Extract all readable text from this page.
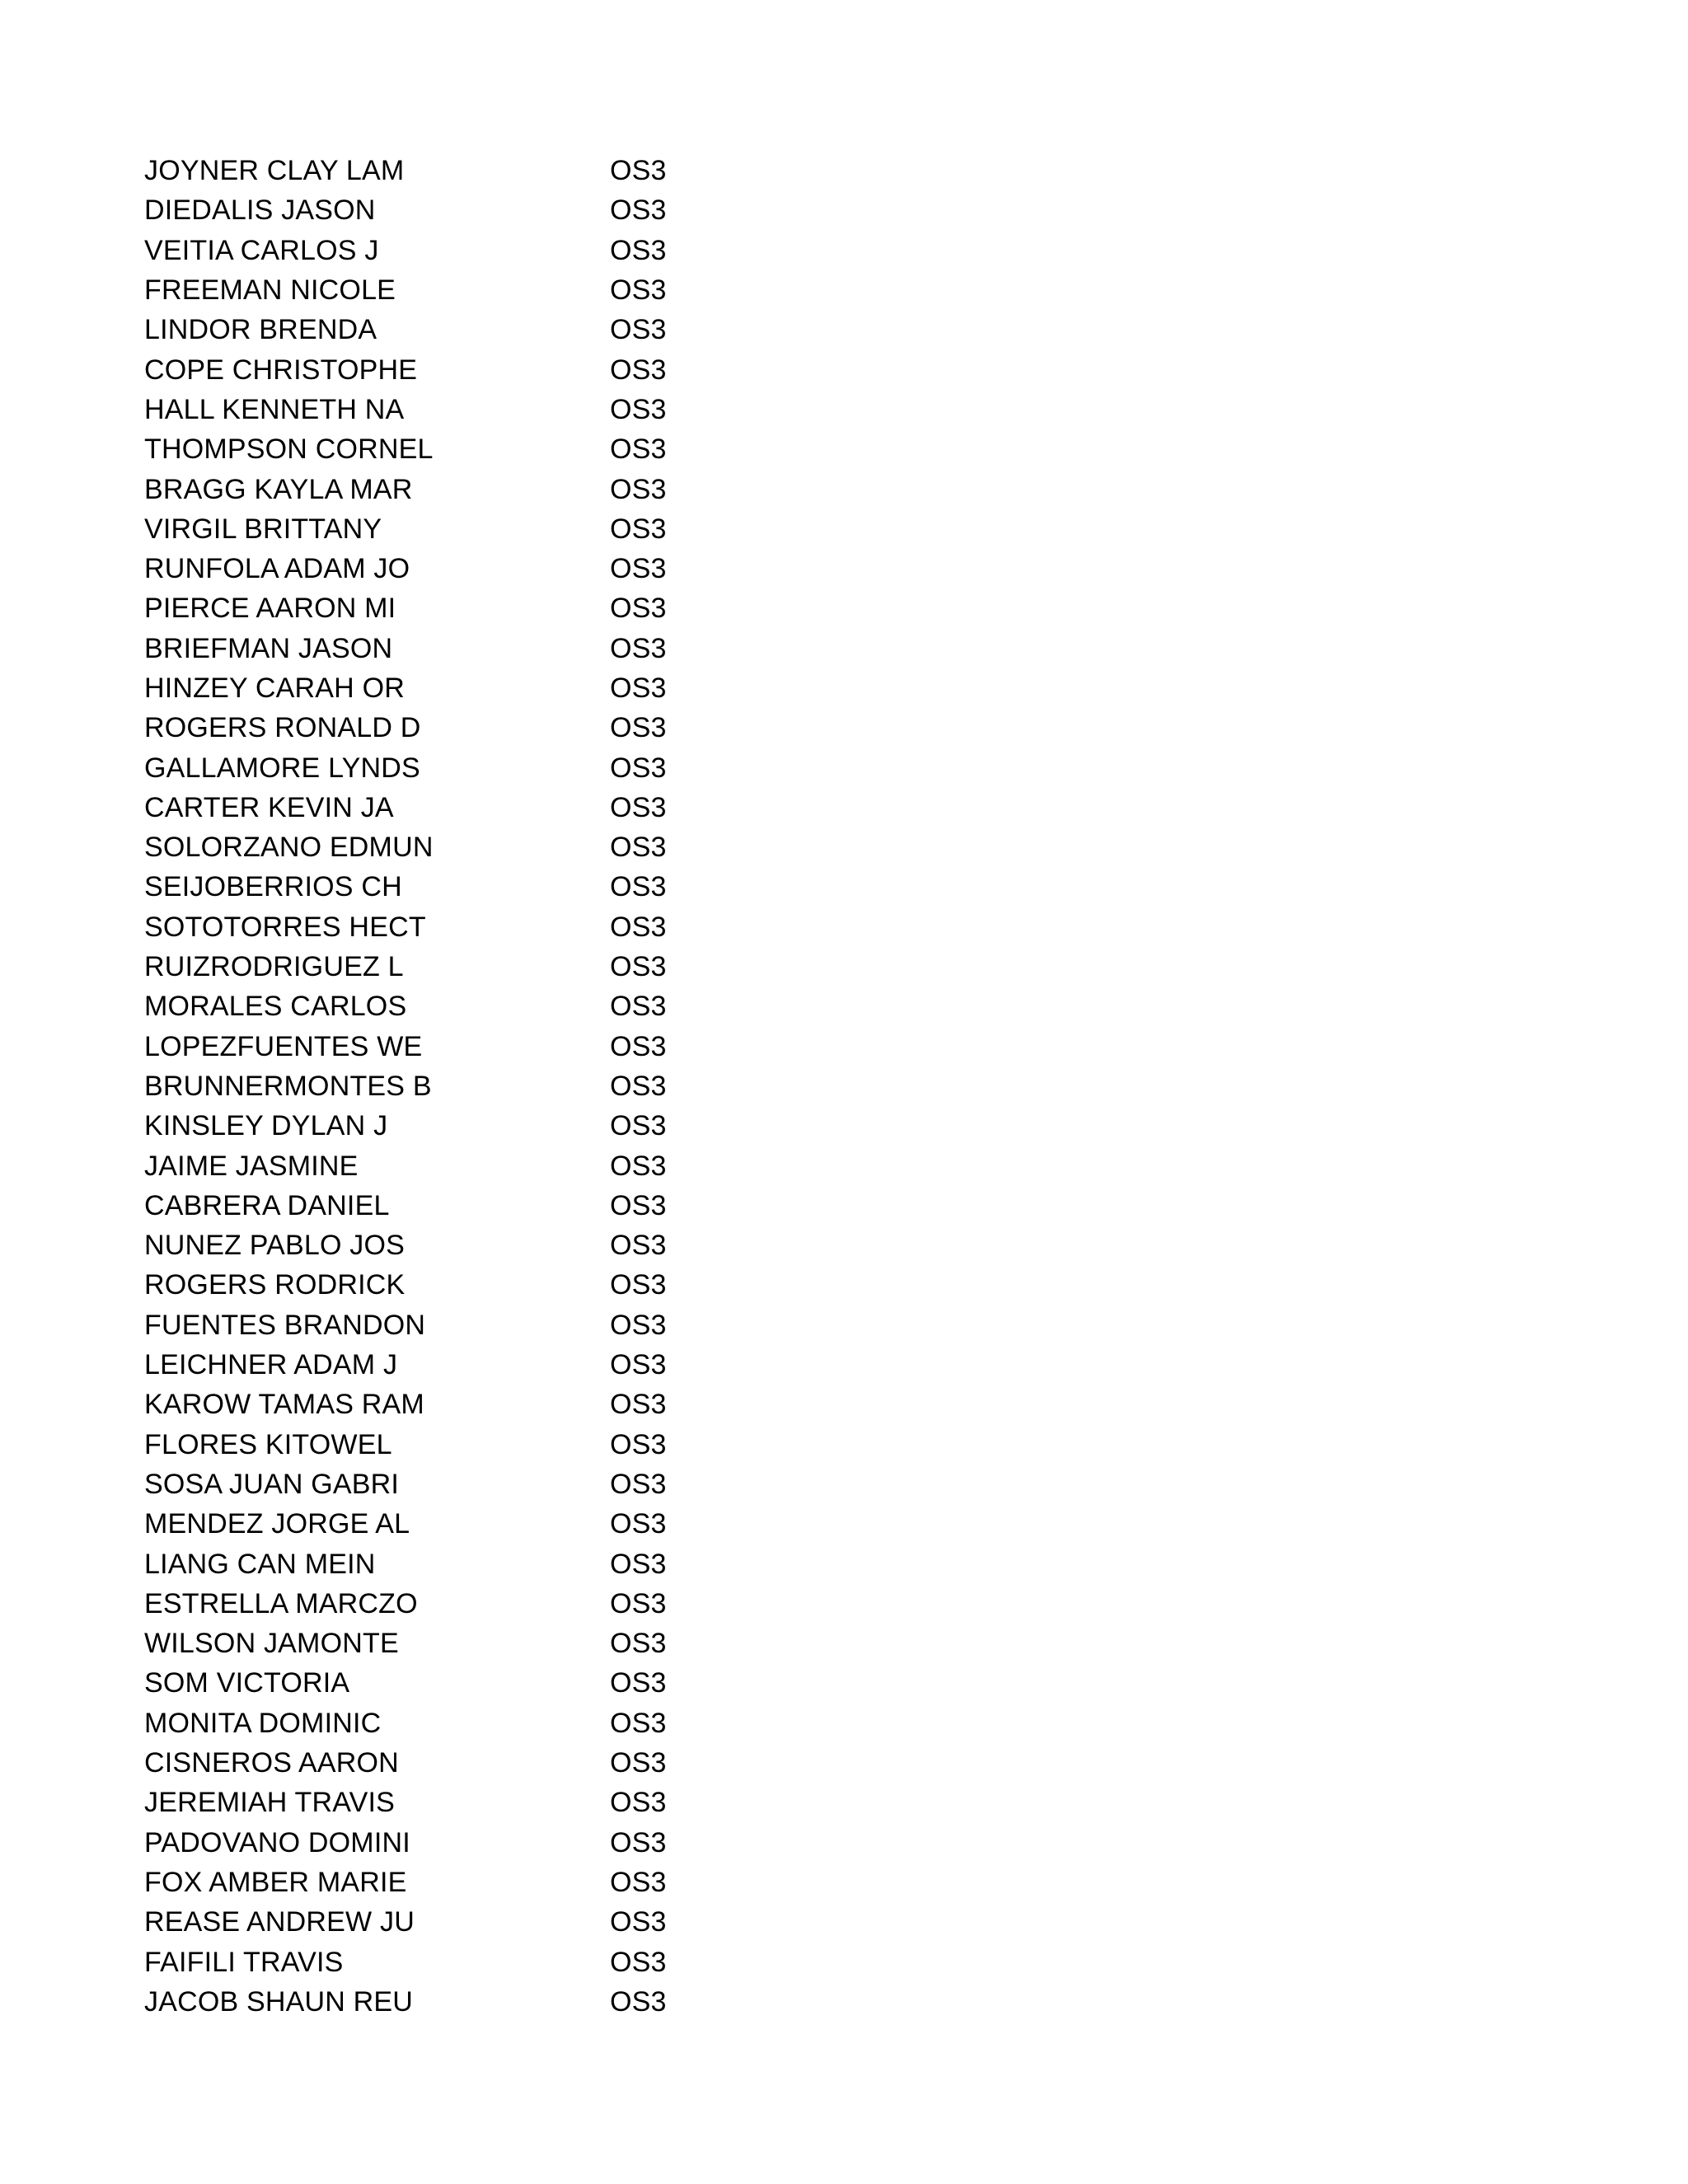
JOYNER CLAY LAM	OS3
DIEDALIS JASON	OS3
VEITIA CARLOS J	OS3
FREEMAN NICOLE	OS3
LINDOR BRENDA	OS3
COPE CHRISTOPHE	OS3
HALL KENNETH NA	OS3
THOMPSON CORNEL	OS3
BRAGG KAYLA MAR	OS3
VIRGIL BRITTANY	OS3
RUNFOLA ADAM JO	OS3
PIERCE AARON MI	OS3
BRIEFMAN JASON	OS3
HINZEY CARAH OR	OS3
ROGERS RONALD D	OS3
GALLAMORE LYNDS	OS3
CARTER KEVIN JA	OS3
SOLORZANO EDMUN	OS3
SEIJOBERRIOS CH	OS3
SOTOTORRES HECT	OS3
RUIZRODRIGUEZ L	OS3
MORALES CARLOS	OS3
LOPEZFUENTES WE	OS3
BRUNNERMONTES B	OS3
KINSLEY DYLAN J	OS3
JAIME JASMINE	OS3
CABRERA DANIEL	OS3
NUNEZ PABLO JOS	OS3
ROGERS RODRICK	OS3
FUENTES BRANDON	OS3
LEICHNER ADAM J	OS3
KAROW TAMAS RAM	OS3
FLORES KITOWEL	OS3
SOSA JUAN GABRI	OS3
MENDEZ JORGE AL	OS3
LIANG CAN MEIN	OS3
ESTRELLA MARCZO	OS3
WILSON JAMONTE	OS3
SOM VICTORIA	OS3
MONITA DOMINIC	OS3
CISNEROS AARON	OS3
JEREMIAH TRAVIS	OS3
PADOVANO DOMINI	OS3
FOX AMBER MARIE	OS3
REASE ANDREW JU	OS3
FAIFILI TRAVIS	OS3
JACOB SHAUN REU	OS3
